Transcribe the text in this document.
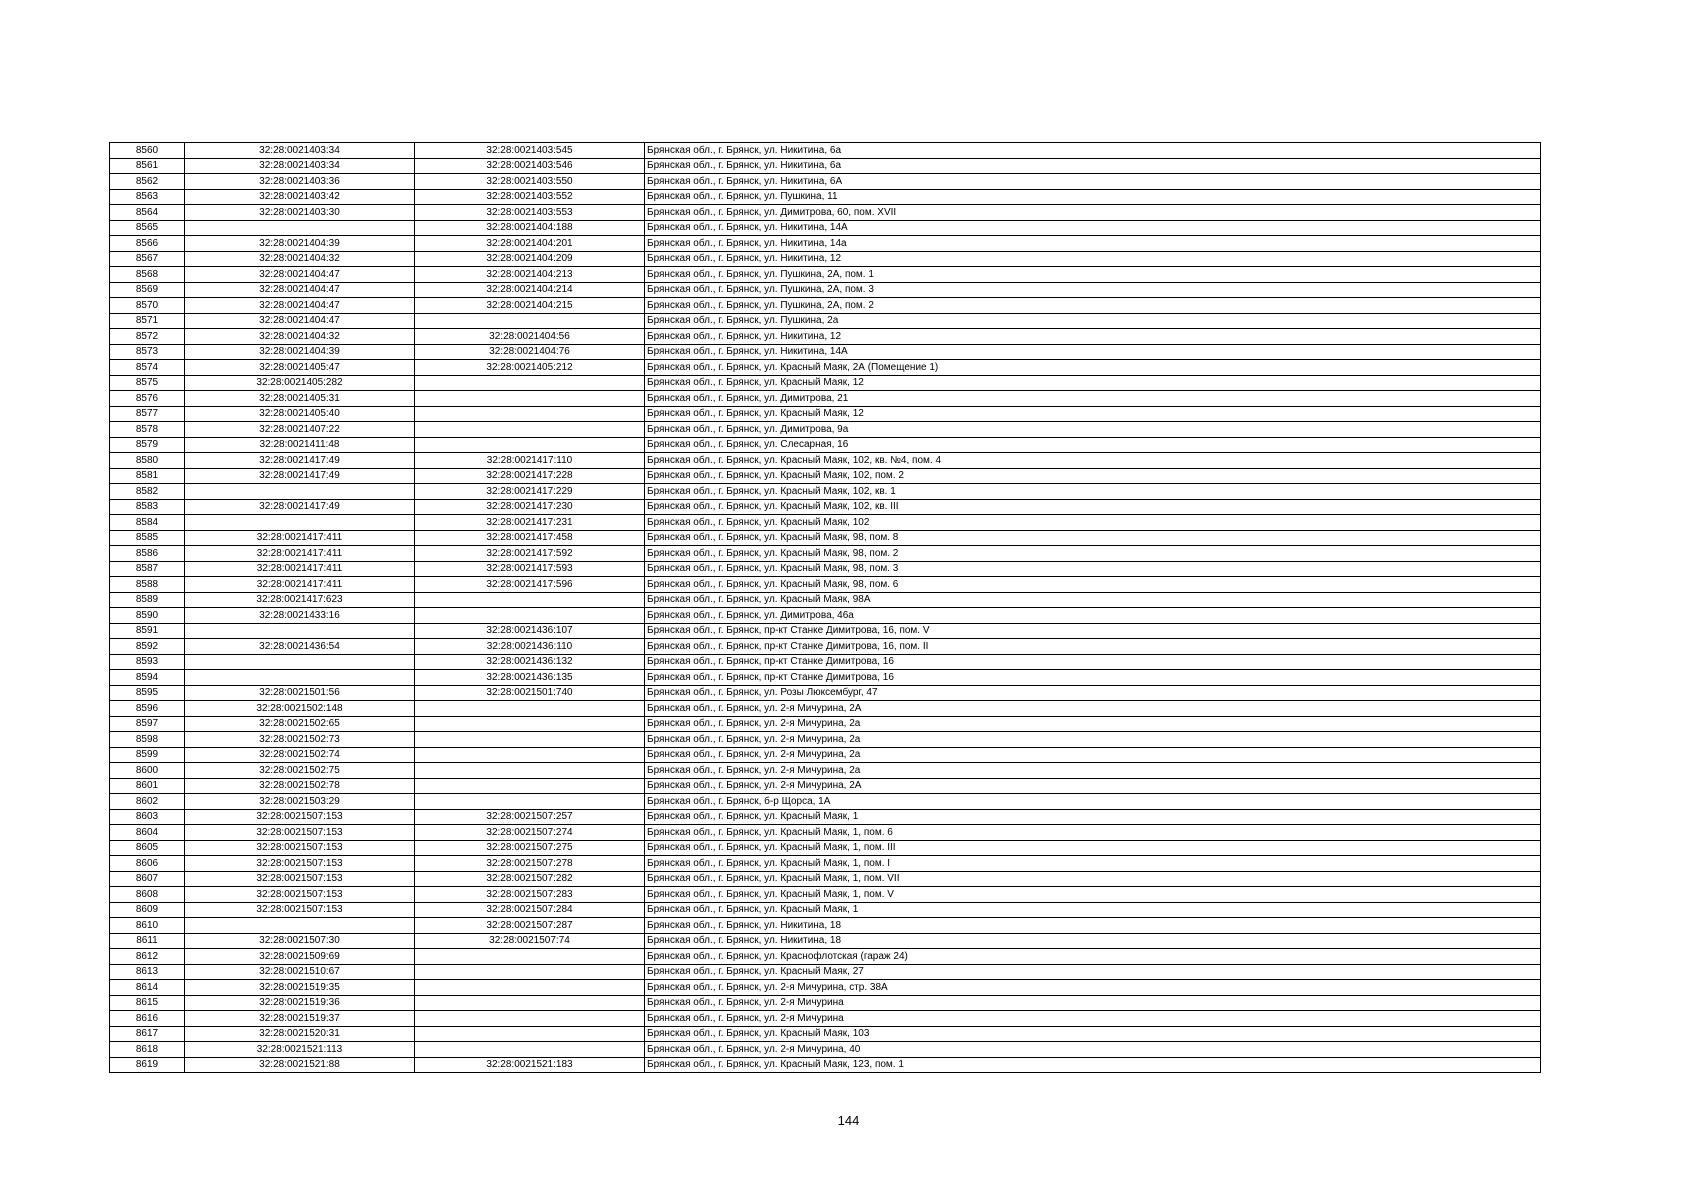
8560	32:28:0021403:34	32:28:0021403:545	Брянская обл., г. Брянск, ул. Никитина, 6а
8561	32:28:0021403:34	32:28:0021403:546	Брянская обл., г. Брянск, ул. Никитина, 6а
8562	32:28:0021403:36	32:28:0021403:550	Брянская обл., г. Брянск, ул. Никитина, 6А
8563	32:28:0021403:42	32:28:0021403:552	Брянская обл., г. Брянск, ул. Пушкина, 11
8564	32:28:0021403:30	32:28:0021403:553	Брянская обл., г. Брянск, ул. Димитрова, 60, пом. XVII
8565		32:28:0021404:188	Брянская обл., г. Брянск, ул. Никитина, 14А
8566	32:28:0021404:39	32:28:0021404:201	Брянская обл., г. Брянск, ул. Никитина, 14а
8567	32:28:0021404:32	32:28:0021404:209	Брянская обл., г. Брянск, ул. Никитина, 12
8568	32:28:0021404:47	32:28:0021404:213	Брянская обл., г. Брянск, ул. Пушкина, 2А, пом. 1
8569	32:28:0021404:47	32:28:0021404:214	Брянская обл., г. Брянск, ул. Пушкина, 2А, пом. 3
8570	32:28:0021404:47	32:28:0021404:215	Брянская обл., г. Брянск, ул. Пушкина, 2А, пом. 2
8571	32:28:0021404:47		Брянская обл., г. Брянск, ул. Пушкина, 2а
8572	32:28:0021404:32	32:28:0021404:56	Брянская обл., г. Брянск, ул. Никитина, 12
8573	32:28:0021404:39	32:28:0021404:76	Брянская обл., г. Брянск, ул. Никитина, 14А
8574	32:28:0021405:47	32:28:0021405:212	Брянская обл., г. Брянск, ул. Красный Маяк, 2А (Помещение 1)
8575	32:28:0021405:282		Брянская обл., г. Брянск, ул. Красный Маяк, 12
8576	32:28:0021405:31		Брянская обл., г. Брянск, ул. Димитрова, 21
8577	32:28:0021405:40		Брянская обл., г. Брянск, ул. Красный Маяк, 12
8578	32:28:0021407:22		Брянская обл., г. Брянск, ул. Димитрова, 9а
8579	32:28:0021411:48		Брянская обл., г. Брянск, ул. Слесарная, 16
8580	32:28:0021417:49	32:28:0021417:110	Брянская обл., г. Брянск, ул. Красный Маяк, 102, кв. №4, пом. 4
8581	32:28:0021417:49	32:28:0021417:228	Брянская обл., г. Брянск, ул. Красный Маяк, 102, пом. 2
8582		32:28:0021417:229	Брянская обл., г. Брянск, ул. Красный Маяк, 102, кв. 1
8583	32:28:0021417:49	32:28:0021417:230	Брянская обл., г. Брянск, ул. Красный Маяк, 102, кв. III
8584		32:28:0021417:231	Брянская обл., г. Брянск, ул. Красный Маяк, 102
8585	32:28:0021417:411	32:28:0021417:458	Брянская обл., г. Брянск, ул. Красный Маяк, 98, пом. 8
8586	32:28:0021417:411	32:28:0021417:592	Брянская обл., г. Брянск, ул. Красный Маяк, 98, пом. 2
8587	32:28:0021417:411	32:28:0021417:593	Брянская обл., г. Брянск, ул. Красный Маяк, 98, пом. 3
8588	32:28:0021417:411	32:28:0021417:596	Брянская обл., г. Брянск, ул. Красный Маяк, 98, пом. 6
8589	32:28:0021417:623		Брянская обл., г. Брянск, ул. Красный Маяк, 98А
8590	32:28:0021433:16		Брянская обл., г. Брянск, ул. Димитрова, 46а
8591		32:28:0021436:107	Брянская обл., г. Брянск, пр-кт Станке Димитрова, 16, пом. V
8592	32:28:0021436:54	32:28:0021436:110	Брянская обл., г. Брянск, пр-кт Станке Димитрова, 16, пом. II
8593		32:28:0021436:132	Брянская обл., г. Брянск, пр-кт Станке Димитрова, 16
8594		32:28:0021436:135	Брянская обл., г. Брянск, пр-кт Станке Димитрова, 16
8595	32:28:0021501:56	32:28:0021501:740	Брянская обл., г. Брянск, ул. Розы Люксембург, 47
8596	32:28:0021502:148		Брянская обл., г. Брянск, ул. 2-я Мичурина, 2А
8597	32:28:0021502:65		Брянская обл., г. Брянск, ул. 2-я Мичурина, 2а
8598	32:28:0021502:73		Брянская обл., г. Брянск, ул. 2-я Мичурина, 2а
8599	32:28:0021502:74		Брянская обл., г. Брянск, ул. 2-я Мичурина, 2а
8600	32:28:0021502:75		Брянская обл., г. Брянск, ул. 2-я Мичурина, 2а
8601	32:28:0021502:78		Брянская обл., г. Брянск, ул. 2-я Мичурина, 2А
8602	32:28:0021503:29		Брянская обл., г. Брянск, б-р Щорса, 1А
8603	32:28:0021507:153	32:28:0021507:257	Брянская обл., г. Брянск, ул. Красный Маяк, 1
8604	32:28:0021507:153	32:28:0021507:274	Брянская обл., г. Брянск, ул. Красный Маяк, 1, пом. 6
8605	32:28:0021507:153	32:28:0021507:275	Брянская обл., г. Брянск, ул. Красный Маяк, 1, пом. III
8606	32:28:0021507:153	32:28:0021507:278	Брянская обл., г. Брянск, ул. Красный Маяк, 1, пом. I
8607	32:28:0021507:153	32:28:0021507:282	Брянская обл., г. Брянск, ул. Красный Маяк, 1, пом. VII
8608	32:28:0021507:153	32:28:0021507:283	Брянская обл., г. Брянск, ул. Красный Маяк, 1, пом. V
8609	32:28:0021507:153	32:28:0021507:284	Брянская обл., г. Брянск, ул. Красный Маяк, 1
8610		32:28:0021507:287	Брянская обл., г. Брянск, ул. Никитина, 18
8611	32:28:0021507:30	32:28:0021507:74	Брянская обл., г. Брянск, ул. Никитина, 18
8612	32:28:0021509:69		Брянская обл., г. Брянск, ул. Краснофлотская (гараж 24)
8613	32:28:0021510:67		Брянская обл., г. Брянск, ул. Красный Маяк, 27
8614	32:28:0021519:35		Брянская обл., г. Брянск, ул. 2-я Мичурина, стр. 38А
8615	32:28:0021519:36		Брянская обл., г. Брянск, ул. 2-я Мичурина
8616	32:28:0021519:37		Брянская обл., г. Брянск, ул. 2-я Мичурина
8617	32:28:0021520:31		Брянская обл., г. Брянск, ул. Красный Маяк, 103
8618	32:28:0021521:113		Брянская обл., г. Брянск, ул. 2-я Мичурина, 40
8619	32:28:0021521:88	32:28:0021521:183	Брянская обл., г. Брянск, ул. Красный Маяк, 123, пом. 1
144
